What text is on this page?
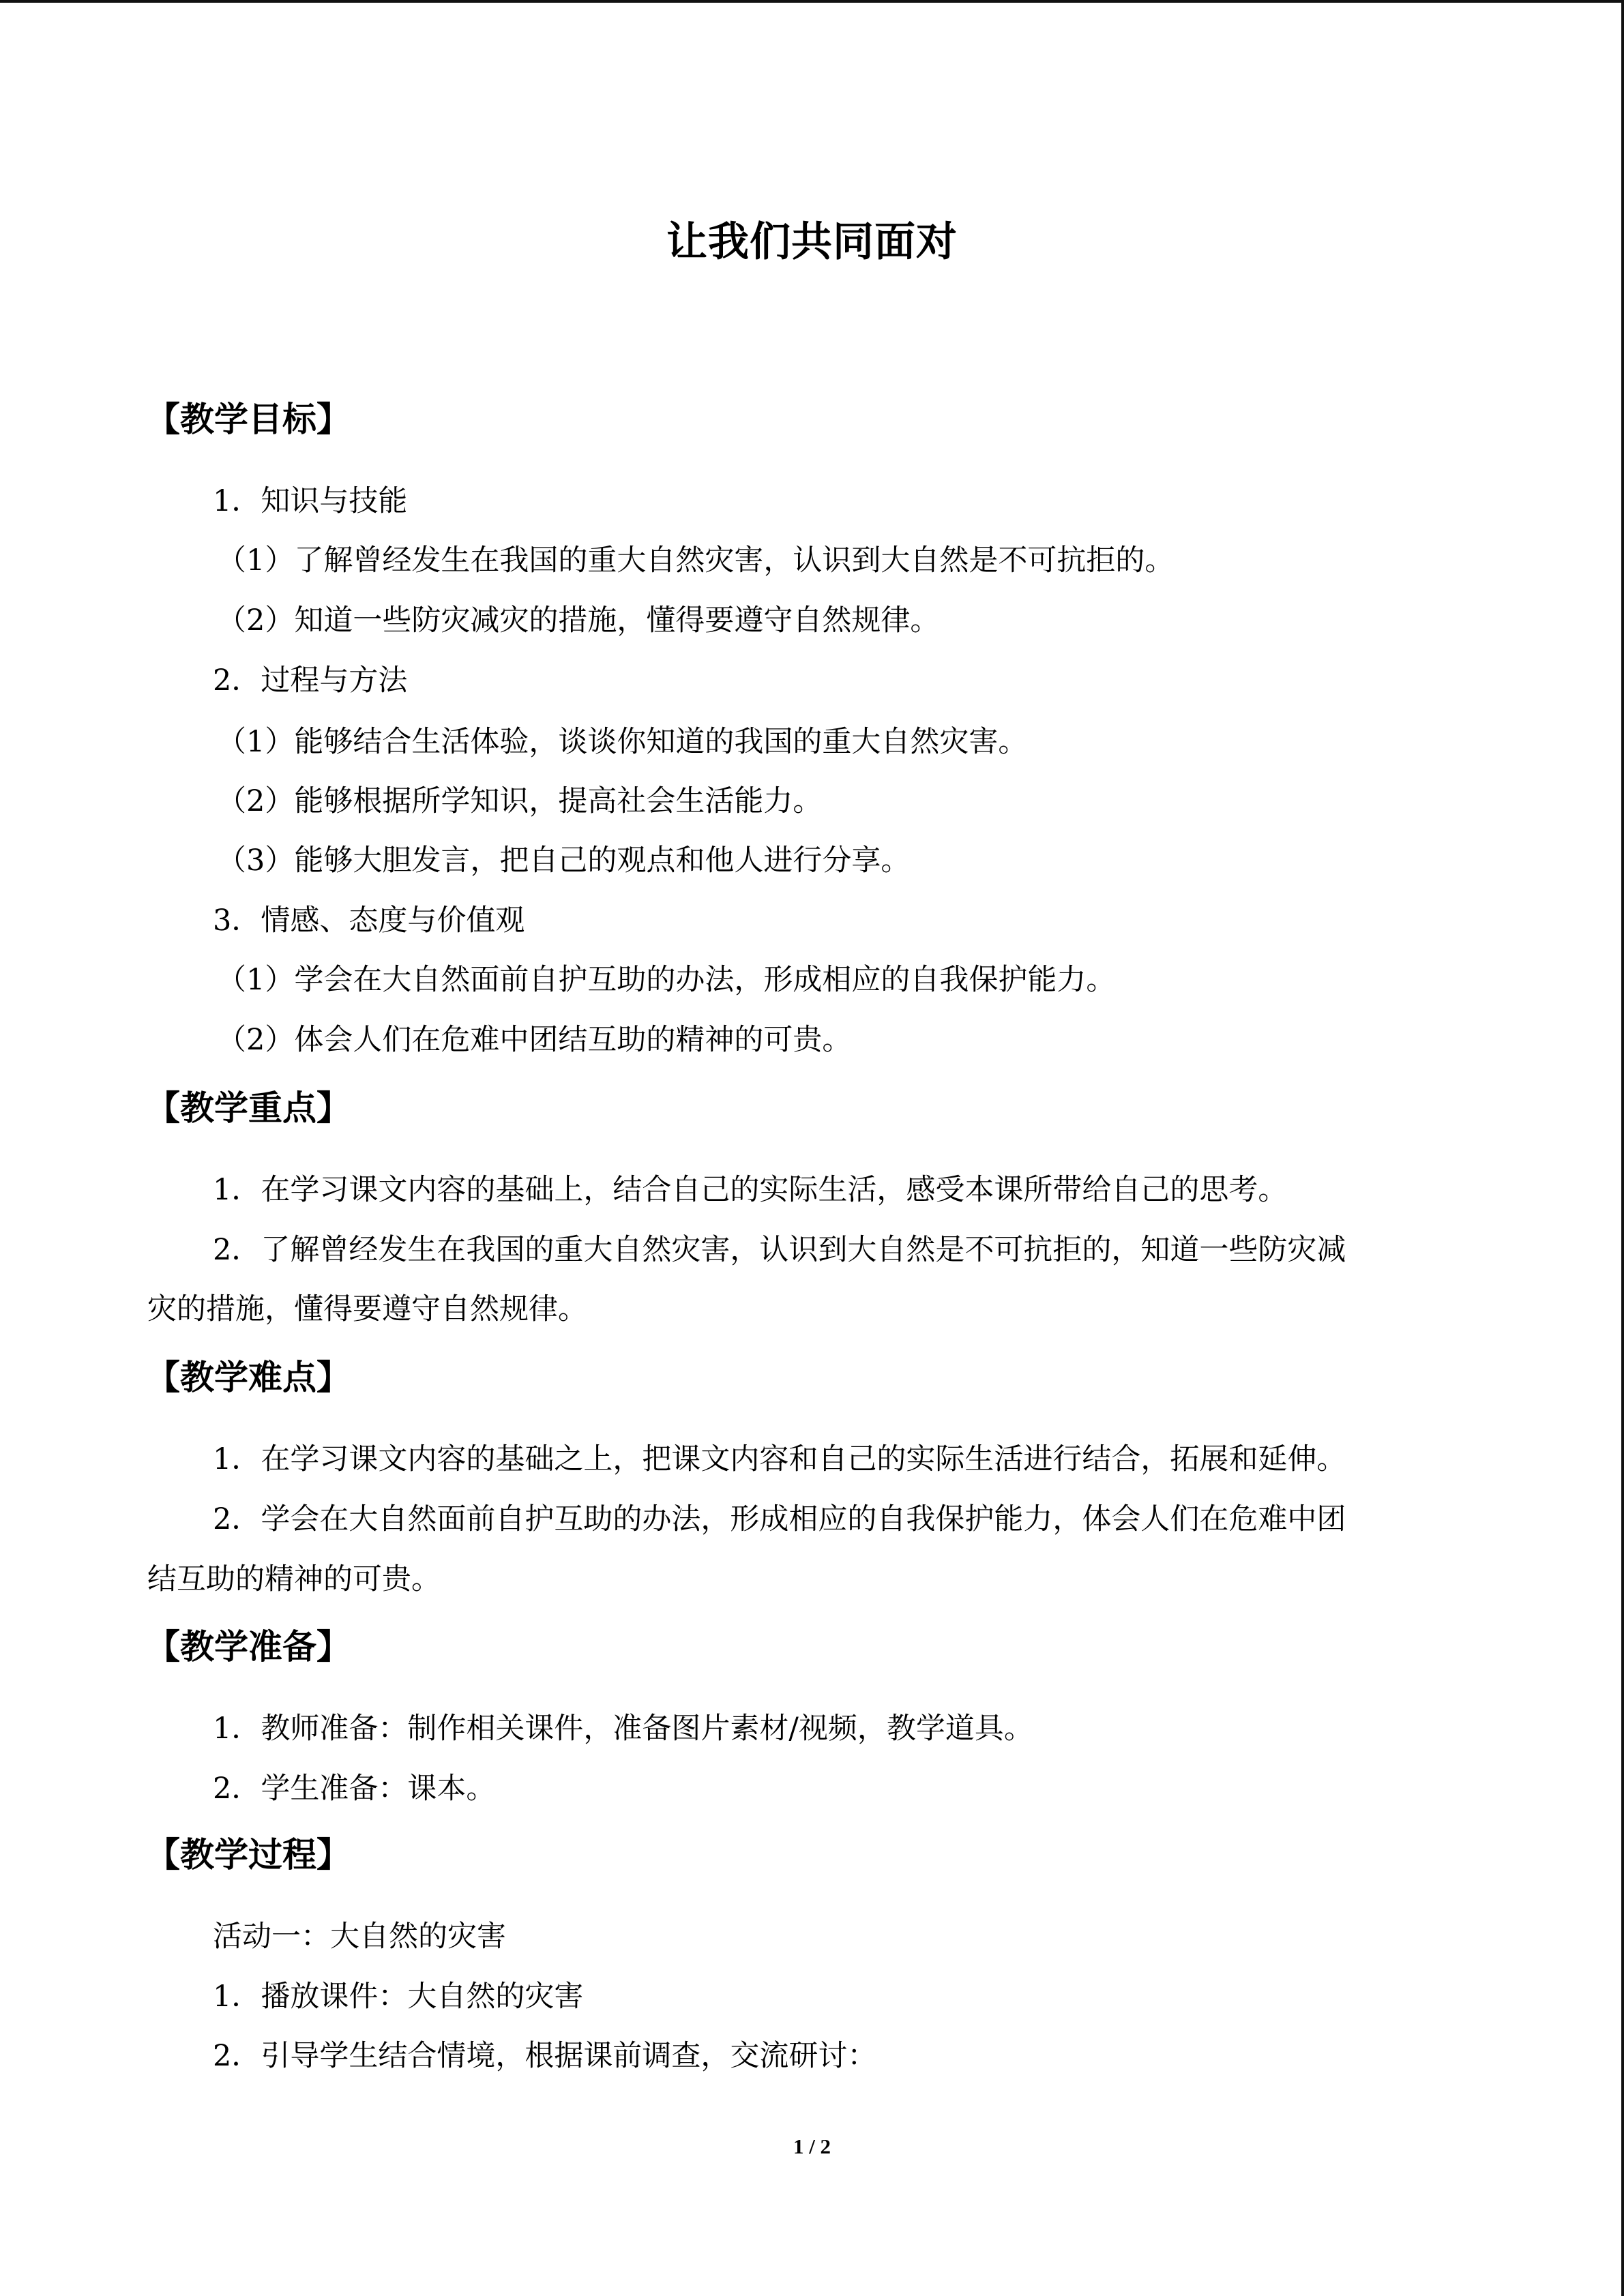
让我们共同面对
【教学目标】
1．知识与技能
（1）了解曾经发生在我国的重大自然灾害，认识到大自然是不可抗拒的。
（2）知道一些防灾减灾的措施，懂得要遵守自然规律。
2．过程与方法
（1）能够结合生活体验，谈谈你知道的我国的重大自然灾害。
（2）能够根据所学知识，提高社会生活能力。
（3）能够大胆发言，把自己的观点和他人进行分享。
3．情感、态度与价值观
（1）学会在大自然面前自护互助的办法，形成相应的自我保护能力。
（2）体会人们在危难中团结互助的精神的可贵。
【教学重点】
1．在学习课文内容的基础上，结合自己的实际生活，感受本课所带给自己的思考。
2．了解曾经发生在我国的重大自然灾害，认识到大自然是不可抗拒的，知道一些防灾减
灾的措施，懂得要遵守自然规律。
【教学难点】
1．在学习课文内容的基础之上，把课文内容和自己的实际生活进行结合，拓展和延伸。
2．学会在大自然面前自护互助的办法，形成相应的自我保护能力，体会人们在危难中团
结互助的精神的可贵。
【教学准备】
1．教师准备：制作相关课件，准备图片素材/视频，教学道具。
2．学生准备：课本。
【教学过程】
活动一：大自然的灾害
1．播放课件：大自然的灾害
2．引导学生结合情境，根据课前调查，交流研讨：
1 / 2
